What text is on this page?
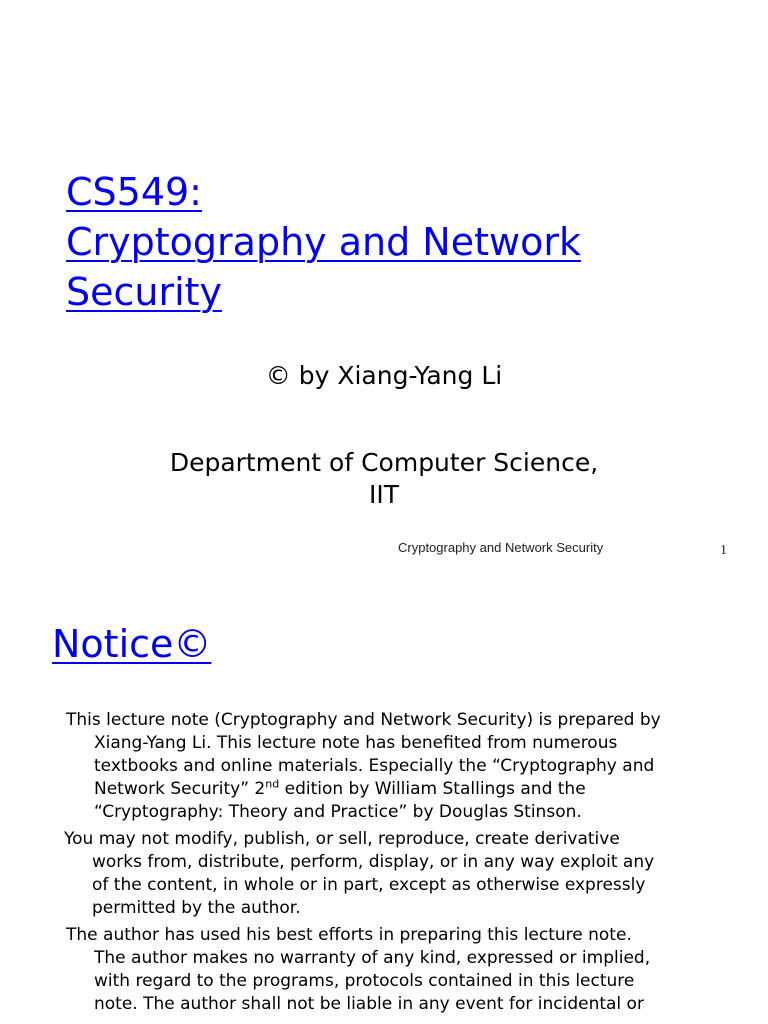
CS549:
Cryptography and Network
Security
© by Xiang-Yang Li
Department of Computer Science,
IIT
Cryptography and Network Security	1
Notice©

This lecture note (Cryptography and Network Security) is prepared by
Xiang-Yang Li. This lecture note has benefited from numerous
textbooks and online materials. Especially the “Cryptography and
Network Security” 2nd edition by William Stallings and the
“Cryptography: Theory and Practice” by Douglas Stinson.

You may not modify, publish, or sell, reproduce, create derivative
works from, distribute, perform, display, or in any way exploit any
of the content, in whole or in part, except as otherwise expressly
permitted by the author.

The author has used his best efforts in preparing this lecture note.
The author makes no warranty of any kind, expressed or implied,
with regard to the programs, protocols contained in this lecture
note. The author shall not be liable in any event for incidental or
